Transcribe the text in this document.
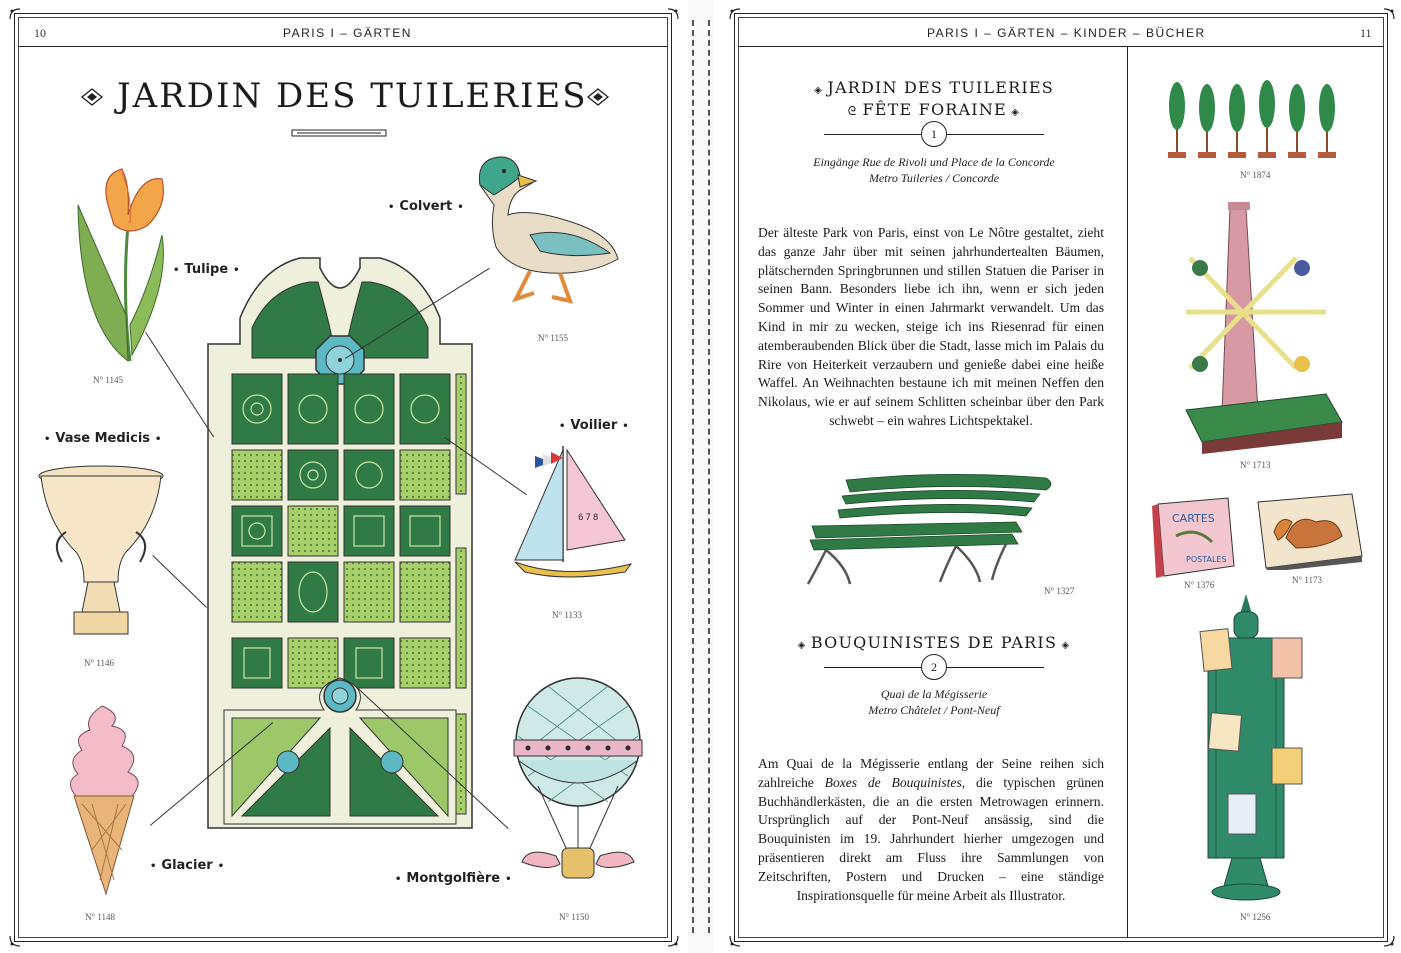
10	PARIS I – GÄRTEN
JARDIN DES TUILERIES
• Tulipe •
N° 1145
• Colvert •
N° 1155
• Vase Medicis •
N° 1146
• Voilier •
678
N° 1133
• Glacier •
N° 1148
• Montgolfière •
N° 1150
PARIS I – GÄRTEN – KINDER – BÜCHER	11
◈ JARDIN DES TUILERIES
ᘓ FÊTE FORAINE ◈
1
Eingänge Rue de Rivoli und Place de la Concorde
Metro Tuileries / Concorde

Der älteste Park von Paris, einst von Le Nôtre gestaltet, zieht das ganze Jahr über mit seinen jahrhundertealten Bäumen, plätschernden Springbrunnen und stillen Statuen die Pariser in seinen Bann. Besonders liebe ich ihn, wenn er sich jeden Sommer und Winter in einen Jahrmarkt verwandelt. Um das Kind in mir zu wecken, steige ich ins Riesenrad für einen atemberaubenden Blick über die Stadt, lasse mich im Palais du Rire von Heiterkeit verzaubern und genieße dabei eine heiße Waffel. An Weihnachten bestaune ich mit meinen Neffen den Nikolaus, wie er auf seinem Schlitten scheinbar über den Park schwebt – ein wahres Lichtspektakel.

N° 1327
◈ BOUQUINISTES DE PARIS ◈
2
Quai de la Mégisserie
Metro Châtelet / Pont-Neuf

Am Quai de la Mégisserie entlang der Seine reihen sich zahlreiche Boxes de Bouquinistes, die typischen grünen Buchhändlerkästen, die an die ersten Metrowagen erinnern. Ursprünglich auf der Pont-Neuf ansässig, sind die Bouquinisten im 19. Jahrhundert hierher umgezogen und präsentieren direkt am Fluss ihre Sammlungen von Zeitschriften, Postern und Drucken – eine ständige Inspirationsquelle für meine Arbeit als Illustrator.

N° 1874
N° 1713
CARTES
POSTALES
N° 1376	N° 1173
N° 1256
